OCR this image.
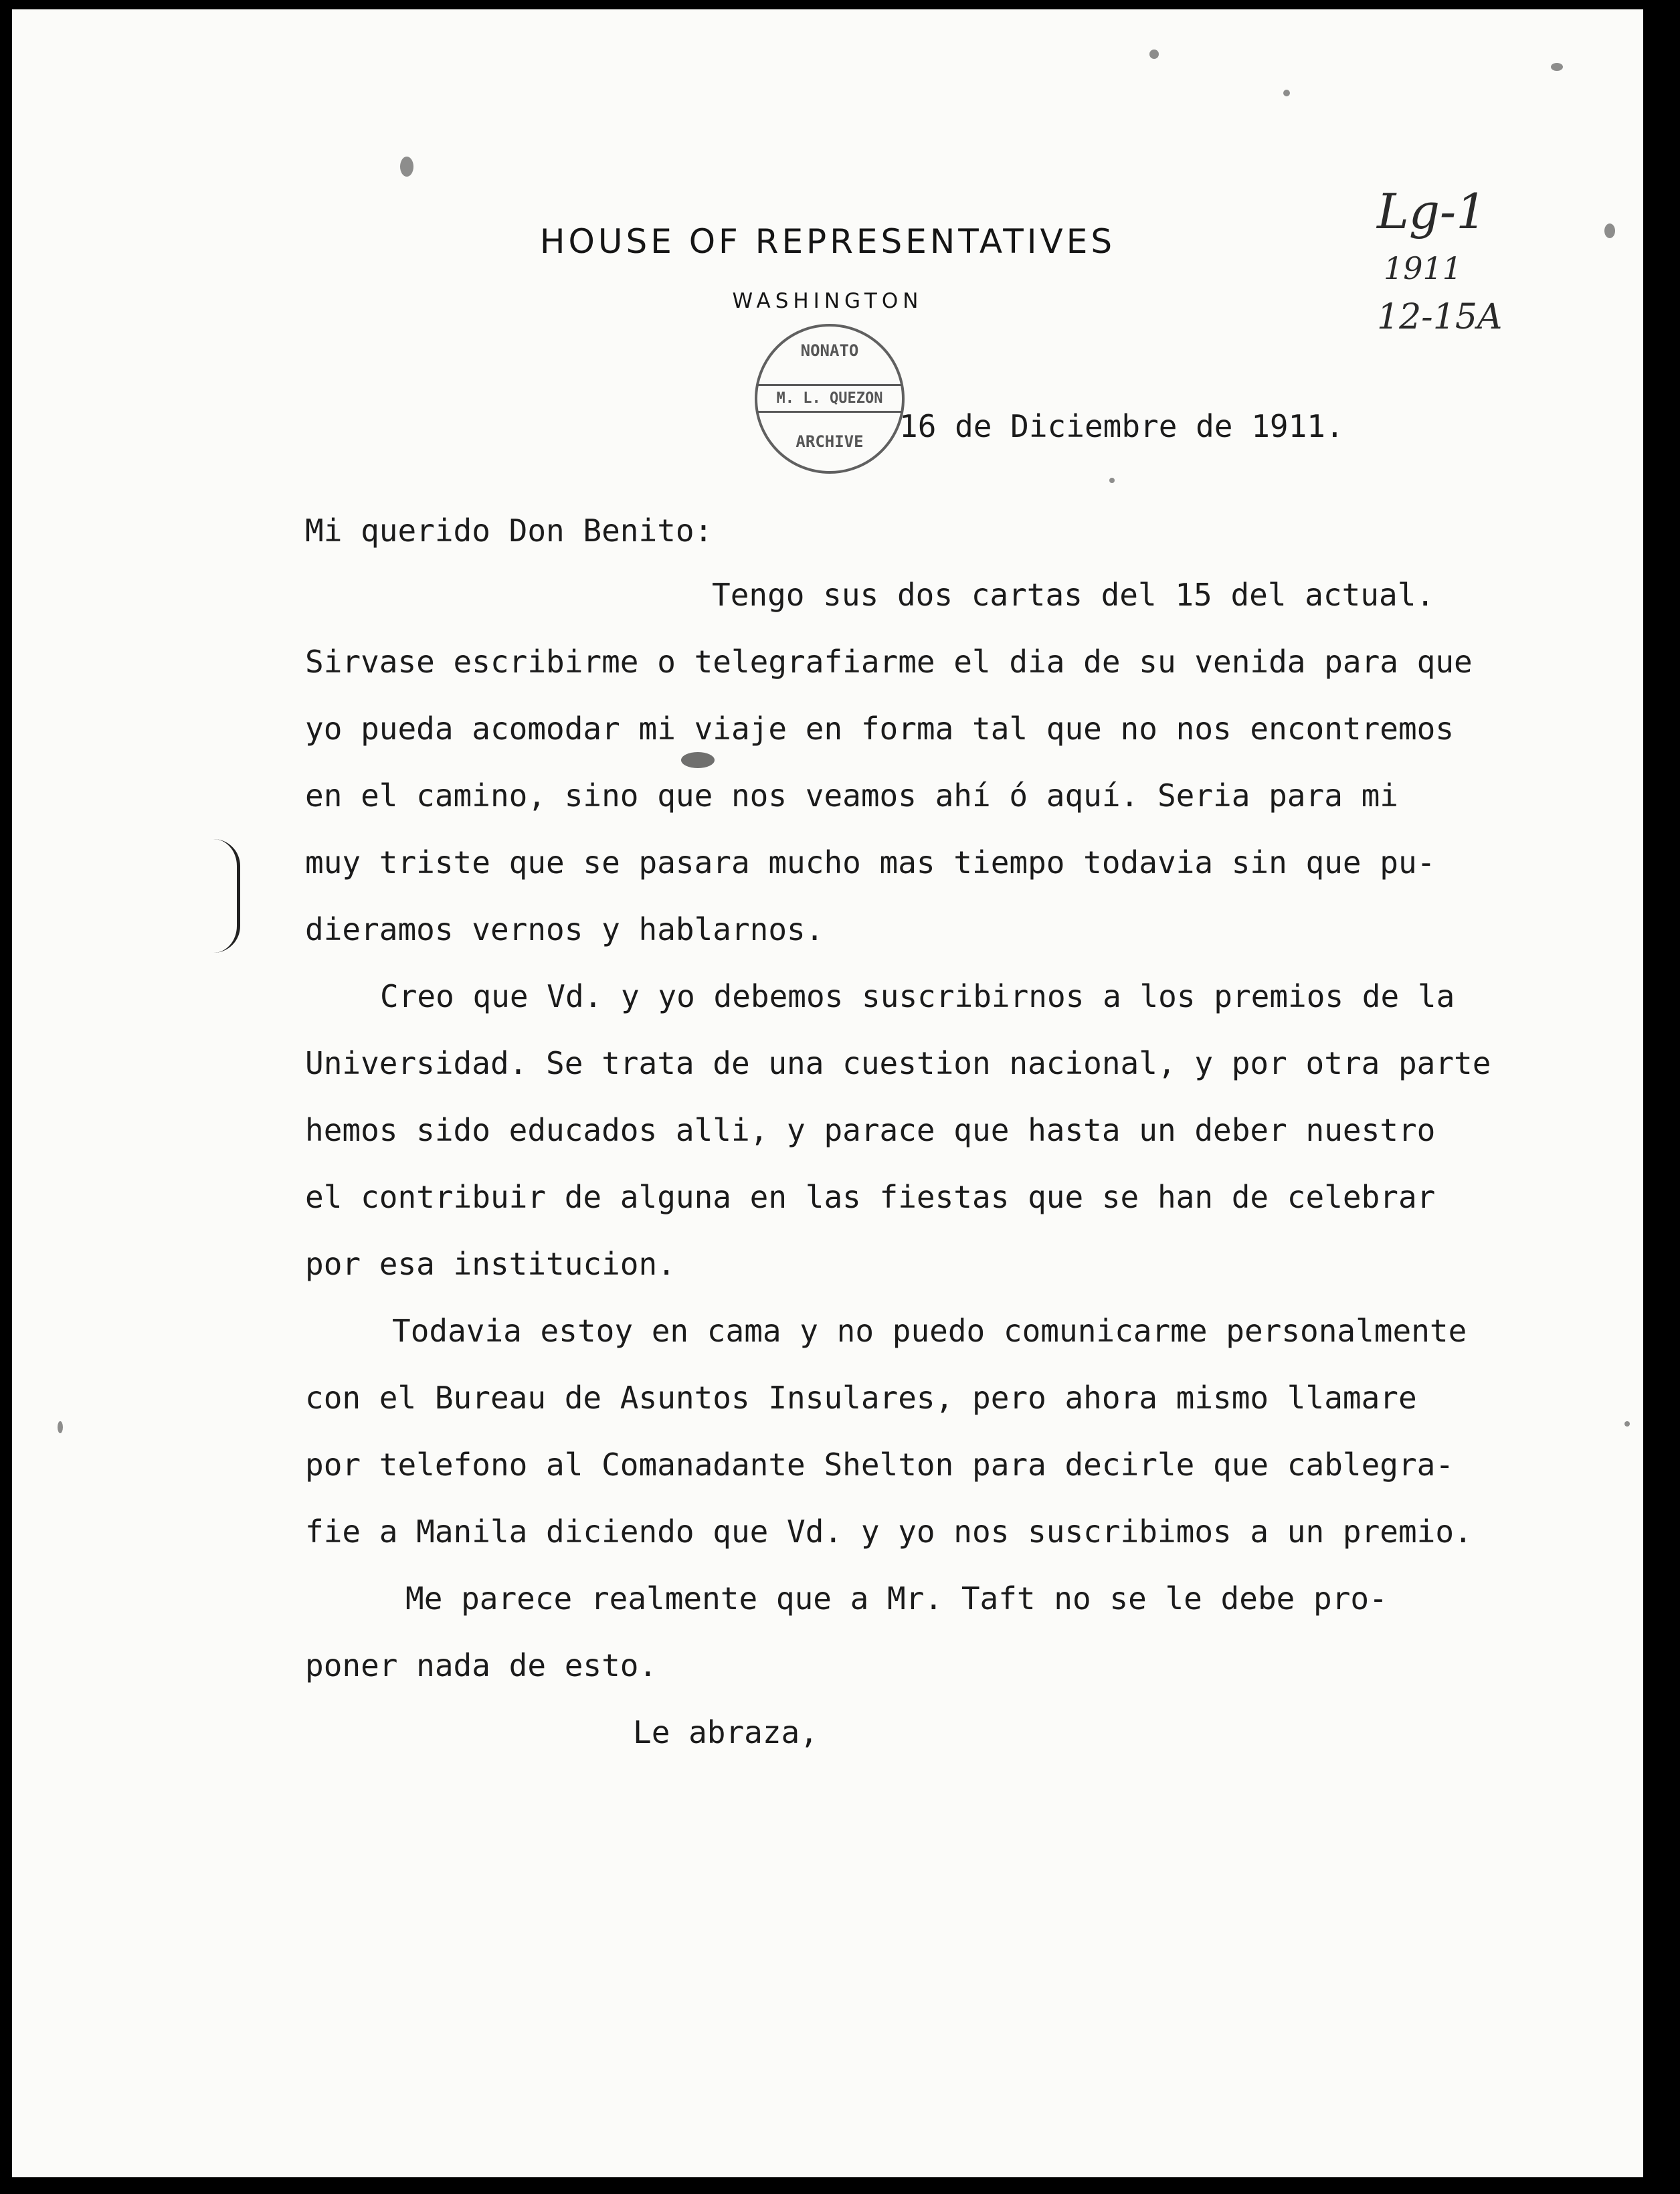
HOUSE OF REPRESENTATIVES
WASHINGTON
Lg-1
1911
12-15A
NONATO
M. L. QUEZON
ARCHIVE	16 de Diciembre de 1911.
Mi querido Don Benito:
Tengo sus dos cartas del 15 del actual.
Sirvase escribirme o telegrafiarme el dia de su venida para que
yo pueda acomodar mi viaje en forma tal que no nos encontremos
en el camino, sino que nos veamos ahí ó aquí. Seria para mi
muy triste que se pasara mucho mas tiempo todavia sin que pu-
dieramos vernos y hablarnos.
Creo que Vd. y yo debemos suscribirnos a los premios de la
Universidad. Se trata de una cuestion nacional, y por otra parte
hemos sido educados alli, y parace que hasta un deber nuestro
el contribuir de alguna en las fiestas que se han de celebrar
por esa institucion.
Todavia estoy en cama y no puedo comunicarme personalmente
con el Bureau de Asuntos Insulares, pero ahora mismo llamare
por telefono al Comanadante Shelton para decirle que cablegra-
fie a Manila diciendo que Vd. y yo nos suscribimos a un premio.
Me parece realmente que a Mr. Taft no se le debe pro-
poner nada de esto.
Le abraza,
